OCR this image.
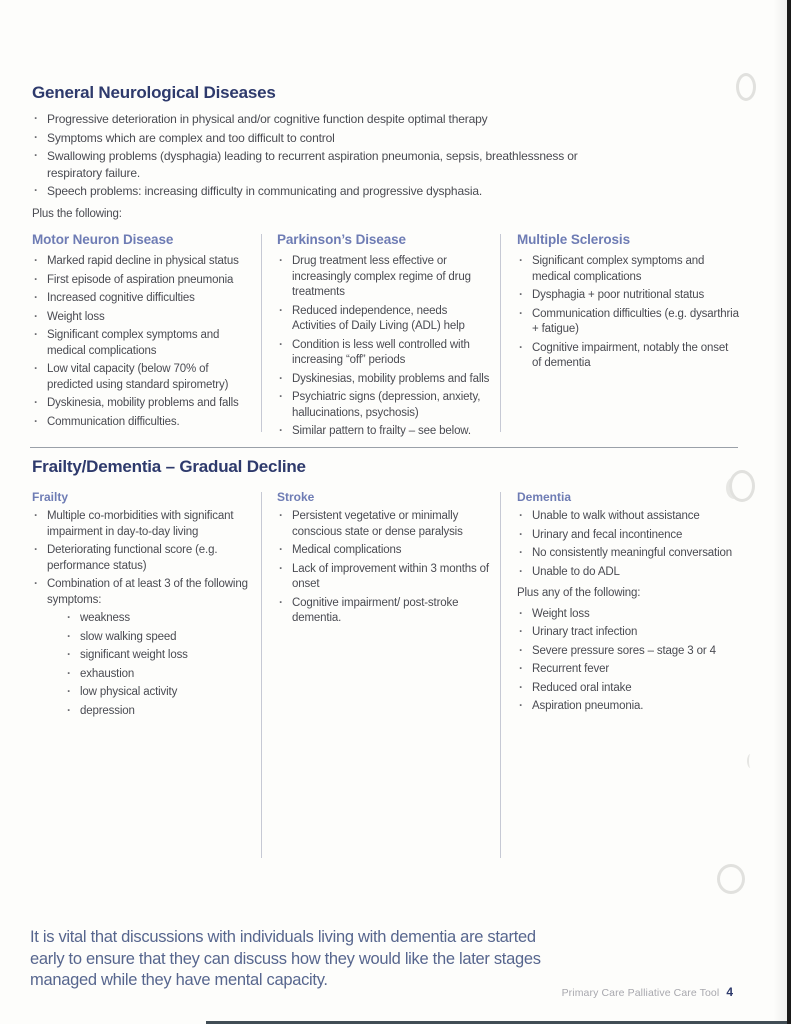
General Neurological Diseases
· Progressive deterioration in physical and/or cognitive function despite optimal therapy
· Symptoms which are complex and too difficult to control
· Swallowing problems (dysphagia) leading to recurrent aspiration pneumonia, sepsis, breathlessness or respiratory failure.
· Speech problems: increasing difficulty in communicating and progressive dysphasia.

Plus the following:

Motor Neuron Disease
· Marked rapid decline in physical status
· First episode of aspiration pneumonia
· Increased cognitive difficulties
· Weight loss
· Significant complex symptoms and medical complications
· Low vital capacity (below 70% of predicted using standard spirometry)
· Dyskinesia, mobility problems and falls
· Communication difficulties.
Parkinson’s Disease
· Drug treatment less effective or increasingly complex regime of drug treatments
· Reduced independence, needs Activities of Daily Living (ADL) help
· Condition is less well controlled with increasing “off” periods
· Dyskinesias, mobility problems and falls
· Psychiatric signs (depression, anxiety, hallucinations, psychosis)
· Similar pattern to frailty – see below.
Multiple Sclerosis
· Significant complex symptoms and medical complications
· Dysphagia + poor nutritional status
· Communication difficulties (e.g. dysarthria + fatigue)
· Cognitive impairment, notably the onset of dementia
Frailty/Dementia – Gradual Decline
Frailty
· Multiple co-morbidities with significant impairment in day-to-day living
· Deteriorating functional score (e.g. performance status)
· Combination of at least 3 of the following symptoms:
· weakness
· slow walking speed
· significant weight loss
· exhaustion
· low physical activity
· depression
Stroke
· Persistent vegetative or minimally conscious state or dense paralysis
· Medical complications
· Lack of improvement within 3 months of onset
· Cognitive impairment/ post-stroke dementia.
Dementia
· Unable to walk without assistance
· Urinary and fecal incontinence
· No consistently meaningful conversation
· Unable to do ADL

Plus any of the following:

· Weight loss
· Urinary tract infection
· Severe pressure sores – stage 3 or 4
· Recurrent fever
· Reduced oral intake
· Aspiration pneumonia.

It is vital that discussions with individuals living with dementia are started early to ensure that they can discuss how they would like the later stages managed while they have mental capacity.

Primary Care Palliative Care Tool 4
